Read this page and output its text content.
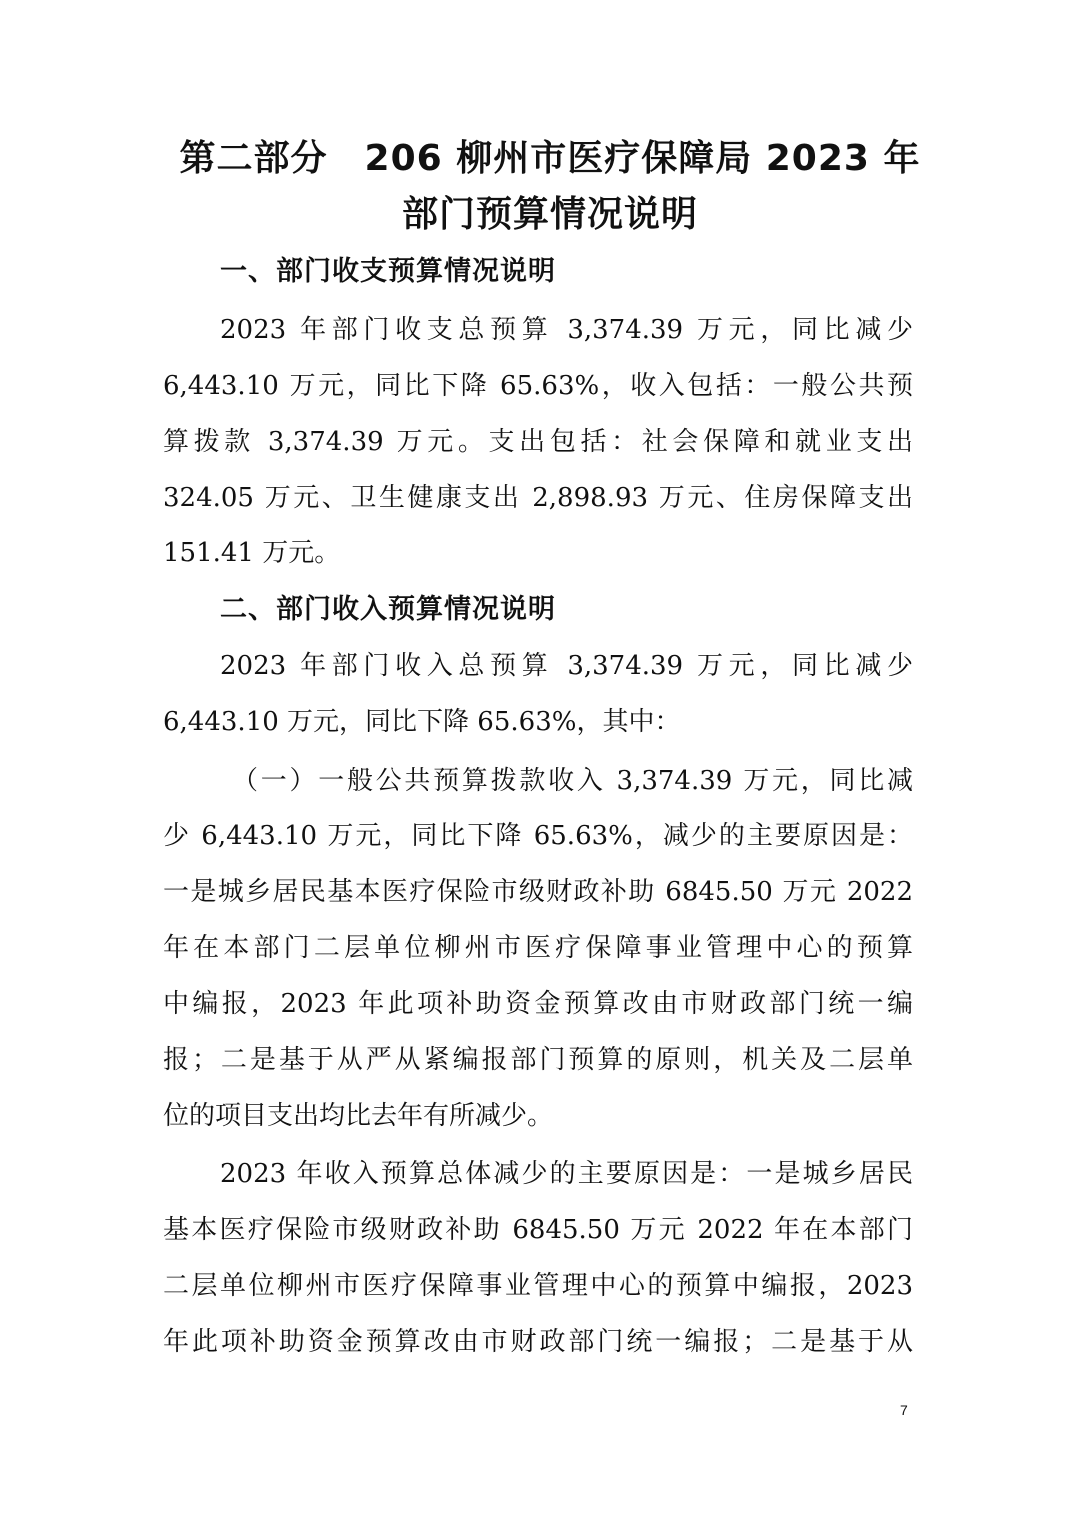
第二部分　206 柳州市医疗保障局 2023 年
部门预算情况说明
一、部门收支预算情况说明
2023 年部门收支总预算 3,374.39 万元，同比减少
6,443.10 万元，同比下降 65.63%，收入包括：一般公共预
算拨款 3,374.39 万元。支出包括：社会保障和就业支出
324.05 万元、卫生健康支出 2,898.93 万元、住房保障支出
151.41 万元。
二、部门收入预算情况说明
2023 年部门收入总预算 3,374.39 万元，同比减少
6,443.10 万元，同比下降 65.63%，其中：
（一）一般公共预算拨款收入 3,374.39 万元，同比减
少 6,443.10 万元，同比下降 65.63%，减少的主要原因是：
一是城乡居民基本医疗保险市级财政补助 6845.50 万元 2022
年在本部门二层单位柳州市医疗保障事业管理中心的预算
中编报，2023 年此项补助资金预算改由市财政部门统一编
报；二是基于从严从紧编报部门预算的原则，机关及二层单
位的项目支出均比去年有所减少。
2023 年收入预算总体减少的主要原因是：一是城乡居民
基本医疗保险市级财政补助 6845.50 万元 2022 年在本部门
二层单位柳州市医疗保障事业管理中心的预算中编报，2023
年此项补助资金预算改由市财政部门统一编报；二是基于从
7
